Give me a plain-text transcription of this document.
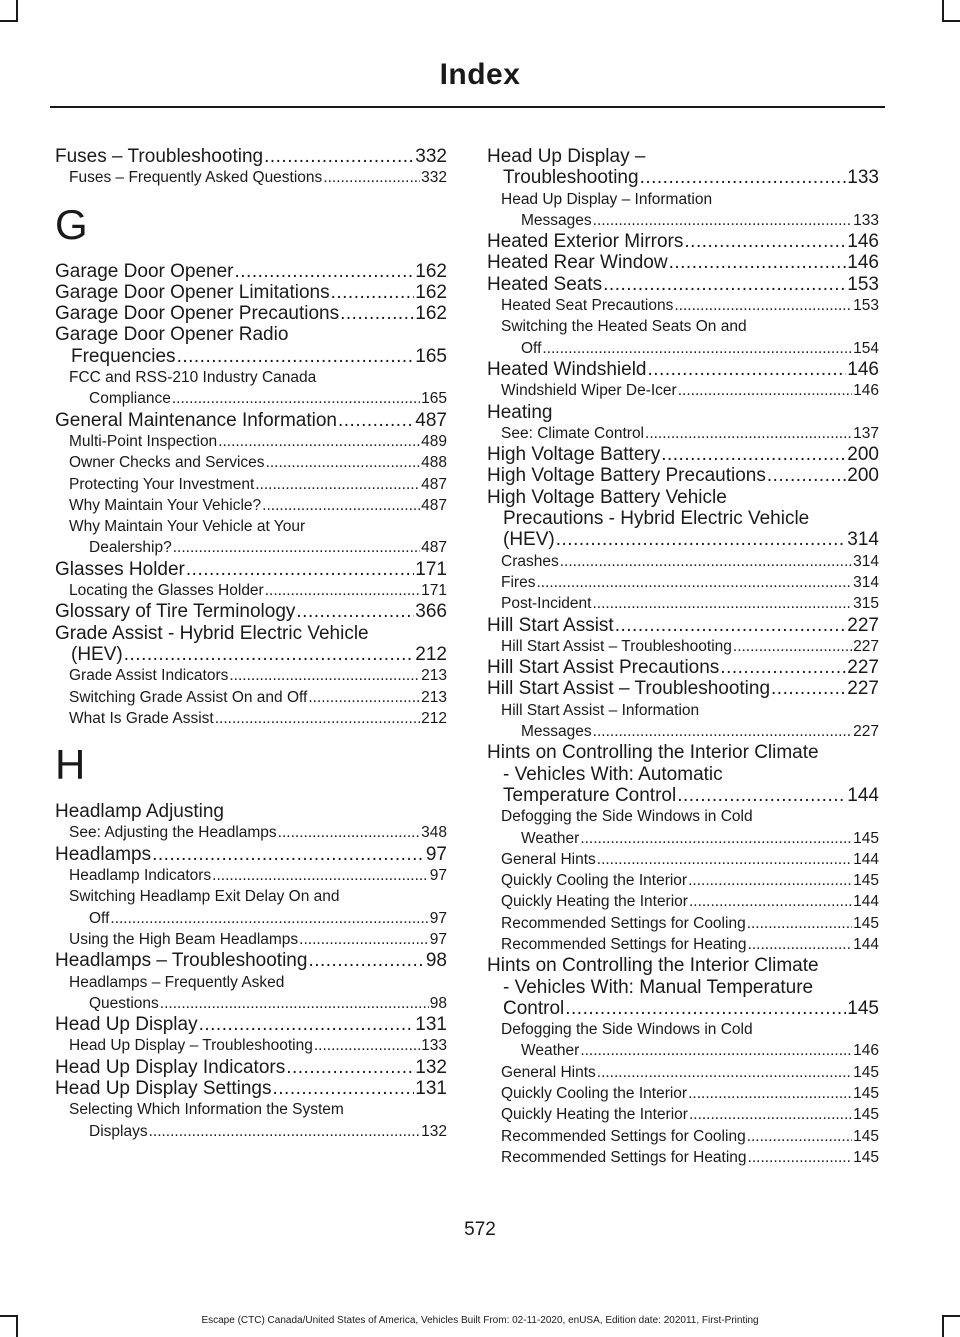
Index
Fuses – Troubleshooting .....	332
Fuses – Frequently Asked Questions .....	332
G
Garage Door Opener .....	162
Garage Door Opener Limitations .....	162
Garage Door Opener Precautions .....	162
Garage Door Opener Radio
Frequencies .....	165
FCC and RSS-210 Industry Canada
Compliance .....	165
General Maintenance Information .....	487
Multi-Point Inspection .....	489
Owner Checks and Services .....	488
Protecting Your Investment .....	487
Why Maintain Your Vehicle? .....	487
Why Maintain Your Vehicle at Your
Dealership? .....	487
Glasses Holder .....	171
Locating the Glasses Holder .....	171
Glossary of Tire Terminology .....	366
Grade Assist - Hybrid Electric Vehicle
(HEV) .....	212
Grade Assist Indicators .....	213
Switching Grade Assist On and Off .....	213
What Is Grade Assist .....	212
H
Headlamp Adjusting
See: Adjusting the Headlamps .....	348
Headlamps .....	97
Headlamp Indicators .....	97
Switching Headlamp Exit Delay On and
Off .....	97
Using the High Beam Headlamps .....	97
Headlamps – Troubleshooting .....	98
Headlamps – Frequently Asked
Questions .....	98
Head Up Display .....	131
Head Up Display – Troubleshooting .....	133
Head Up Display Indicators .....	132
Head Up Display Settings .....	131
Selecting Which Information the System
Displays .....	132
Head Up Display –
Troubleshooting .....	133
Head Up Display – Information
Messages .....	133
Heated Exterior Mirrors .....	146
Heated Rear Window .....	146
Heated Seats .....	153
Heated Seat Precautions .....	153
Switching the Heated Seats On and
Off .....	154
Heated Windshield .....	146
Windshield Wiper De-Icer .....	146
Heating
See: Climate Control .....	137
High Voltage Battery .....	200
High Voltage Battery Precautions .....	200
High Voltage Battery Vehicle
Precautions - Hybrid Electric Vehicle
(HEV) .....	314
Crashes .....	314
Fires .....	314
Post-Incident .....	315
Hill Start Assist .....	227
Hill Start Assist – Troubleshooting .....	227
Hill Start Assist Precautions .....	227
Hill Start Assist – Troubleshooting .....	227
Hill Start Assist – Information
Messages .....	227
Hints on Controlling the Interior Climate
- Vehicles With: Automatic
Temperature Control .....	144
Defogging the Side Windows in Cold
Weather .....	145
General Hints .....	144
Quickly Cooling the Interior .....	145
Quickly Heating the Interior .....	144
Recommended Settings for Cooling .....	145
Recommended Settings for Heating .....	144
Hints on Controlling the Interior Climate
- Vehicles With: Manual Temperature
Control .....	145
Defogging the Side Windows in Cold
Weather .....	146
General Hints .....	145
Quickly Cooling the Interior .....	145
Quickly Heating the Interior .....	145
Recommended Settings for Cooling .....	145
Recommended Settings for Heating .....	145
572
Escape (CTC) Canada/United States of America, Vehicles Built From: 02-11-2020, enUSA, Edition date: 202011, First-Printing
